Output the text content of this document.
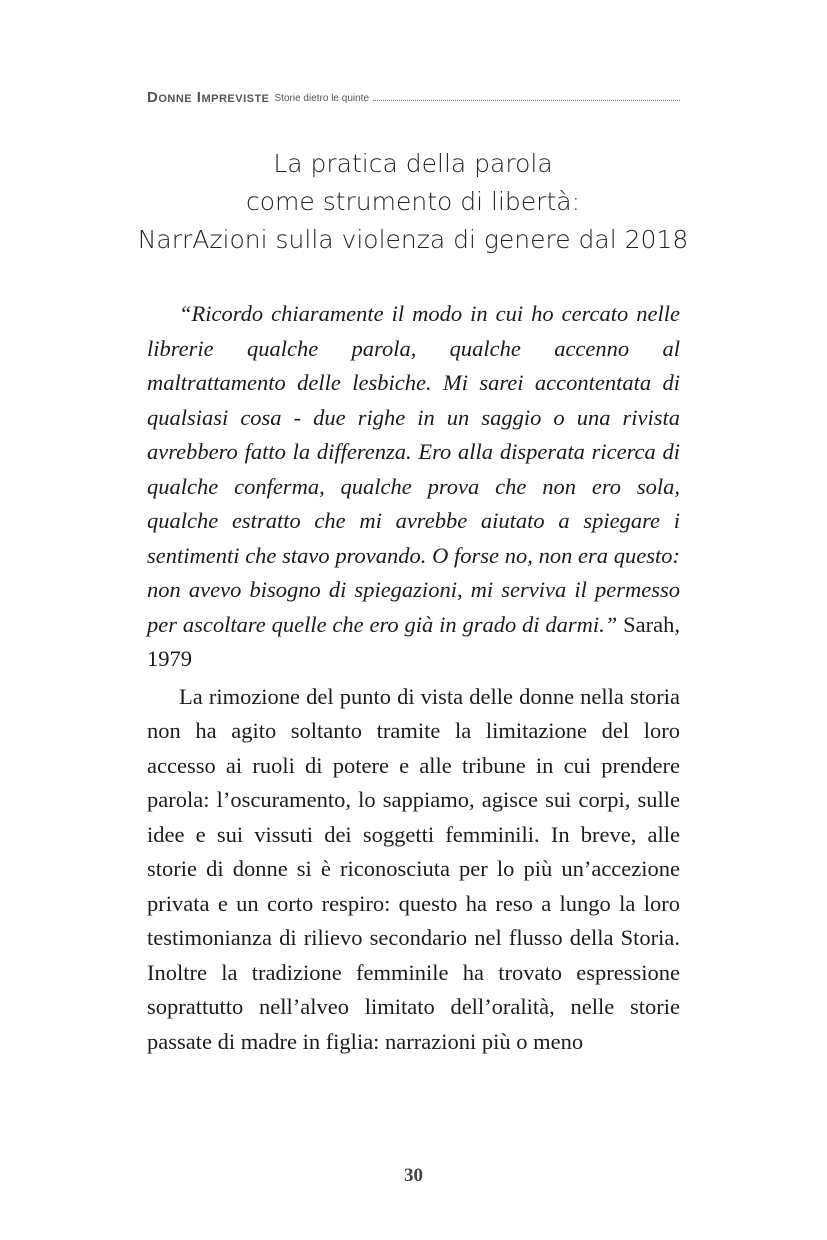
Donne Impreviste Storie dietro le quinte
La pratica della parola
come strumento di libertà:
NarrAzioni sulla violenza di genere dal 2018

“Ricordo chiaramente il modo in cui ho cercato nelle librerie qualche parola, qualche accenno al maltrattamento delle lesbiche. Mi sarei accontentata di qualsiasi cosa - due righe in un saggio o una rivista avrebbero fatto la differenza. Ero alla disperata ricerca di qualche conferma, qualche prova che non ero sola, qualche estratto che mi avrebbe aiutato a spiegare i sentimenti che stavo provando. O forse no, non era questo: non avevo bisogno di spiegazioni, mi serviva il permesso per ascoltare quelle che ero già in grado di darmi.” Sarah, 1979

La rimozione del punto di vista delle donne nella storia non ha agito soltanto tramite la limitazione del loro accesso ai ruoli di potere e alle tribune in cui prendere parola: l’oscuramento, lo sappiamo, agisce sui corpi, sulle idee e sui vissuti dei soggetti femminili. In breve, alle storie di donne si è riconosciuta per lo più un’accezione privata e un corto respiro: questo ha reso a lungo la loro testimonianza di rilievo secondario nel flusso della Storia. Inoltre la tradizione femminile ha trovato espressione soprattutto nell’alveo limitato dell’oralità, nelle storie passate di madre in figlia: narrazioni più o meno

30
